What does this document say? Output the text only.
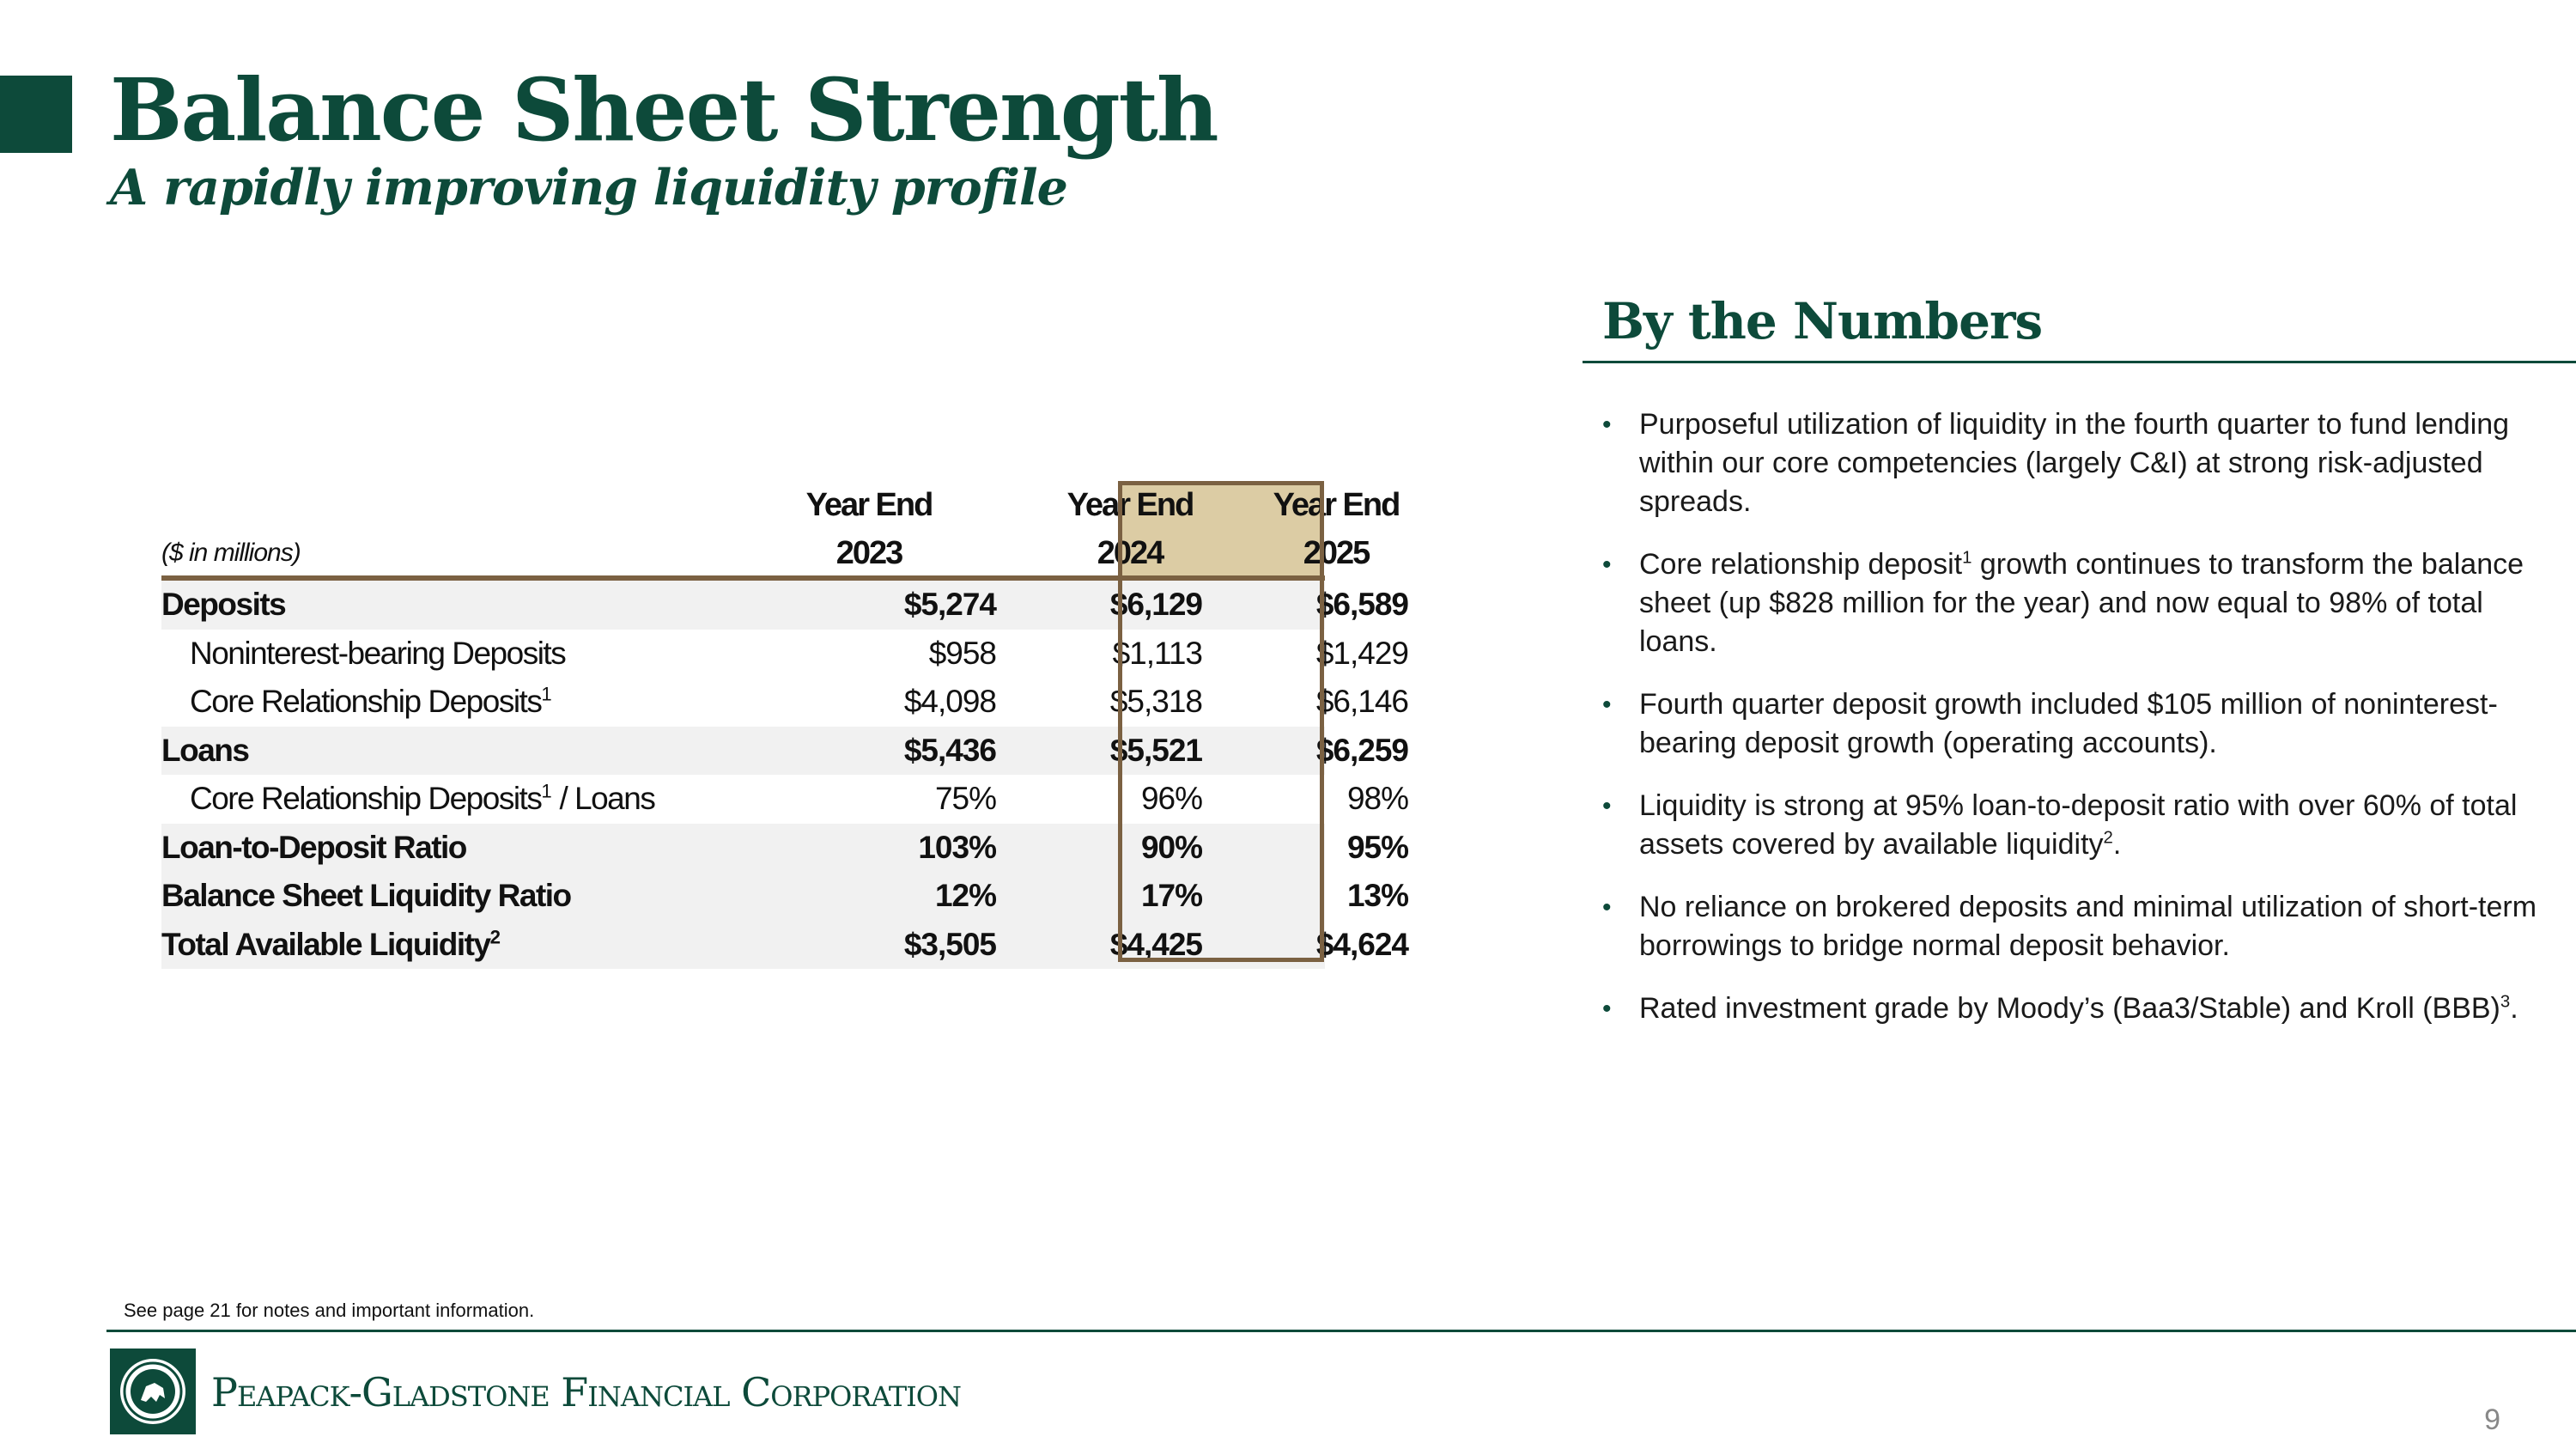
Balance Sheet Strength
A rapidly improving liquidity profile
Year End	Year End	Year End
($ in millions)	2023	2024	2025
Deposits	$5,274	$6,129	$6,589
Noninterest-bearing Deposits	$958	$1,113	$1,429
Core Relationship Deposits$^1$	$4,098	$5,318	$6,146
Loans	$5,436	$5,521	$6,259
Core Relationship Deposits$^1$ / Loans	75%	96%	98%
Loan-to-Deposit Ratio	103%	90%	95%
Balance Sheet Liquidity Ratio	12%	17%	13%
Total Available Liquidity$^2$	$3,505	$4,425	$4,624
By the Numbers
• Purposeful utilization of liquidity in the fourth quarter to fund lending within our core competencies (largely C&I) at strong risk-adjusted spreads.
• Core relationship deposit$^1$ growth continues to transform the balance sheet (up $828 million for the year) and now equal to 98% of total loans.
• Fourth quarter deposit growth included $105 million of noninterest-bearing deposit growth (operating accounts).
• Liquidity is strong at 95% loan-to-deposit ratio with over 60% of total assets covered by available liquidity$^2$.
• No reliance on brokered deposits and minimal utilization of short-term borrowings to bridge normal deposit behavior.
• Rated investment grade by Moody’s (Baa3/Stable) and Kroll (BBB)$^3$.
See page 21 for notes and important information.
Peapack-Gladstone Financial Corporation
9
